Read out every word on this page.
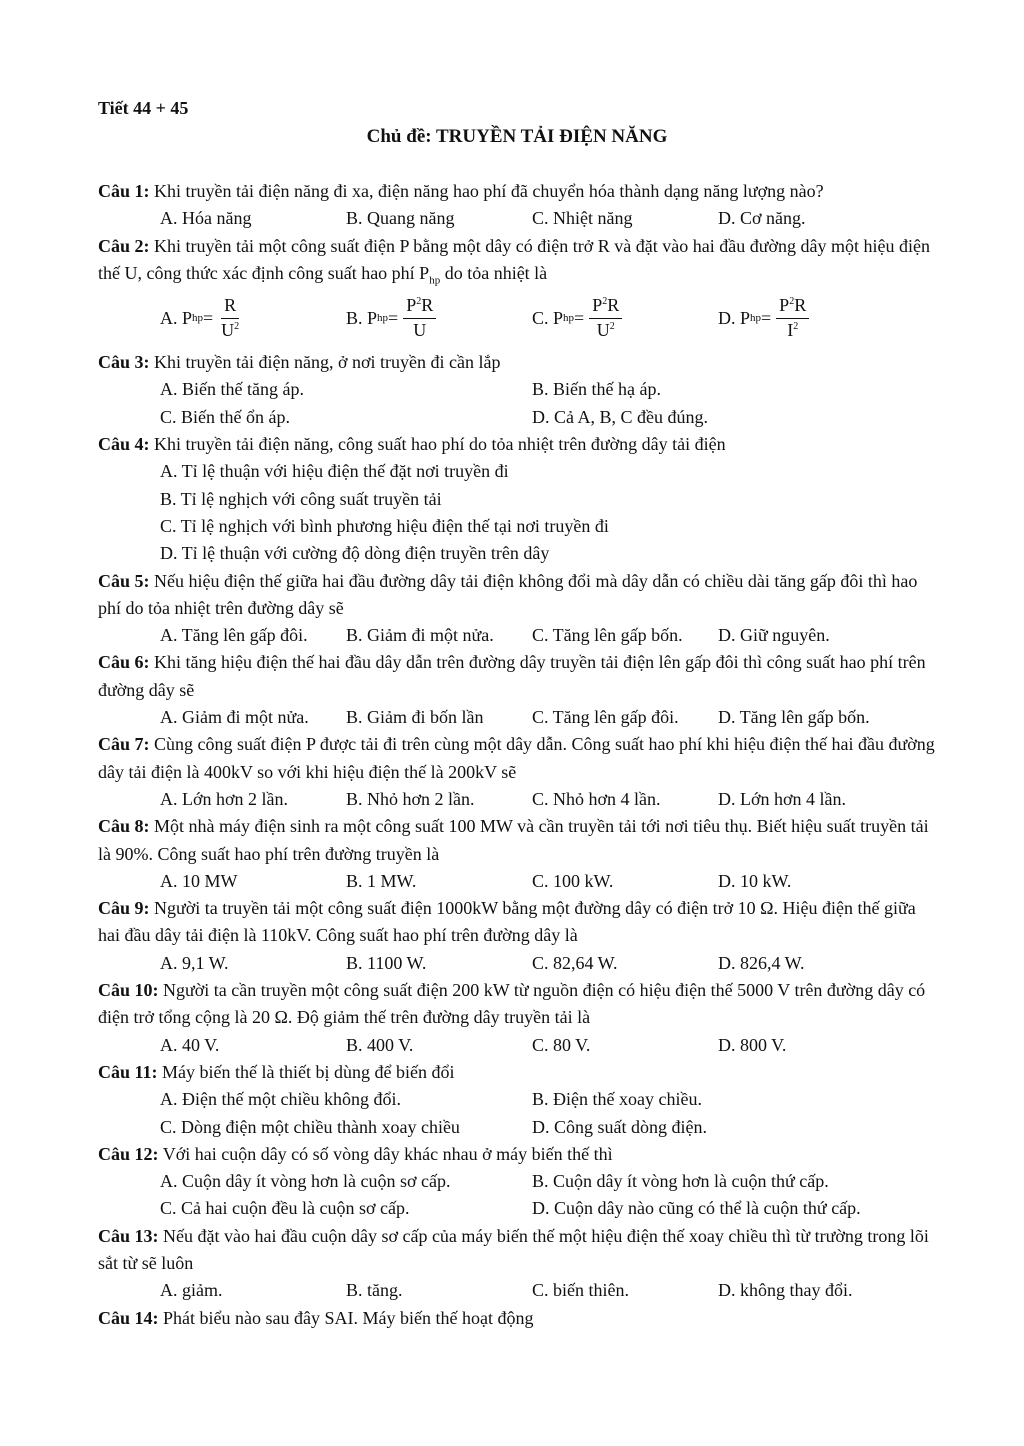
Tiết 44 + 45
Chủ đề: TRUYỀN TẢI ĐIỆN NĂNG
Câu 1: Khi truyền tải điện năng đi xa, điện năng hao phí đã chuyển hóa thành dạng năng lượng nào?
A. Hóa năng	B. Quang năng	C. Nhiệt năng	D. Cơ năng.
Câu 2: Khi truyền tải một công suất điện P bằng một dây có điện trở R và đặt vào hai đầu đường dây một hiệu điện thế U, công thức xác định công suất hao phí $P_{hp}$ do tỏa nhiệt là
A.
P hp = $\frac{R}{U^2}$	B.
P hp = $\frac{P^2R}{U}$	C.
P hp = $\frac{P^2R}{U^2}$	D.
P hp = $\frac{P^2R}{I^2}$
Câu 3: Khi truyền tải điện năng, ở nơi truyền đi cần lắp
A. Biến thế tăng áp.	B. Biến thế hạ áp.
C. Biến thế ổn áp.	D. Cả A, B, C đều đúng.
Câu 4: Khi truyền tải điện năng, công suất hao phí do tỏa nhiệt trên đường dây tải điện
A. Tỉ lệ thuận với hiệu điện thế đặt nơi truyền đi
B. Tỉ lệ nghịch với công suất truyền tải
C. Tỉ lệ nghịch với bình phương hiệu điện thế tại nơi truyền đi
D. Tỉ lệ thuận với cường độ dòng điện truyền trên dây
Câu 5: Nếu hiệu điện thế giữa hai đầu đường dây tải điện không đổi mà dây dẫn có chiều dài tăng gấp đôi thì hao phí do tỏa nhiệt trên đường dây sẽ
A. Tăng lên gấp đôi.	B. Giảm đi một nửa.	C. Tăng lên gấp bốn.	D. Giữ nguyên.
Câu 6: Khi tăng hiệu điện thế hai đầu dây dẫn trên đường dây truyền tải điện lên gấp đôi thì công suất hao phí trên đường dây sẽ
A. Giảm đi một nửa.	B. Giảm đi bốn lần	C. Tăng lên gấp đôi.	D. Tăng lên gấp bốn.
Câu 7: Cùng công suất điện P được tải đi trên cùng một dây dẫn. Công suất hao phí khi hiệu điện thế hai đầu đường dây tải điện là 400kV so với khi hiệu điện thế là 200kV sẽ
A. Lớn hơn 2 lần.	B. Nhỏ hơn 2 lần.	C. Nhỏ hơn 4 lần.	D. Lớn hơn 4 lần.
Câu 8: Một nhà máy điện sinh ra một công suất 100 MW và cần truyền tải tới nơi tiêu thụ. Biết hiệu suất truyền tải là 90%. Công suất hao phí trên đường truyền là
A. 10 MW	B. 1 MW.	C. 100 kW.	D. 10 kW.
Câu 9: Người ta truyền tải một công suất điện 1000kW bằng một đường dây có điện trở 10 Ω. Hiệu điện thế giữa hai đầu dây tải điện là 110kV. Công suất hao phí trên đường dây là
A. 9,1 W.	B. 1100 W.	C. 82,64 W.	D. 826,4 W.
Câu 10: Người ta cần truyền một công suất điện 200 kW từ nguồn điện có hiệu điện thế 5000 V trên đường dây có điện trở tổng cộng là 20 Ω. Độ giảm thế trên đường dây truyền tải là
A. 40 V.	B. 400 V.	C. 80 V.	D. 800 V.
Câu 11: Máy biến thế là thiết bị dùng để biến đổi
A. Điện thế một chiều không đổi.	B. Điện thế xoay chiều.
C. Dòng điện một chiều thành xoay chiều	D. Công suất dòng điện.
Câu 12: Với hai cuộn dây có số vòng dây khác nhau ở máy biến thế thì
A. Cuộn dây ít vòng hơn là cuộn sơ cấp.	B. Cuộn dây ít vòng hơn là cuộn thứ cấp.
C. Cả hai cuộn đều là cuộn sơ cấp.	D. Cuộn dây nào cũng có thể là cuộn thứ cấp.
Câu 13: Nếu đặt vào hai đầu cuộn dây sơ cấp của máy biến thế một hiệu điện thế xoay chiều thì từ trường trong lõi sắt từ sẽ luôn
A. giảm.	B. tăng.	C. biến thiên.	D. không thay đổi.
Câu 14: Phát biểu nào sau đây SAI. Máy biến thế hoạt động
